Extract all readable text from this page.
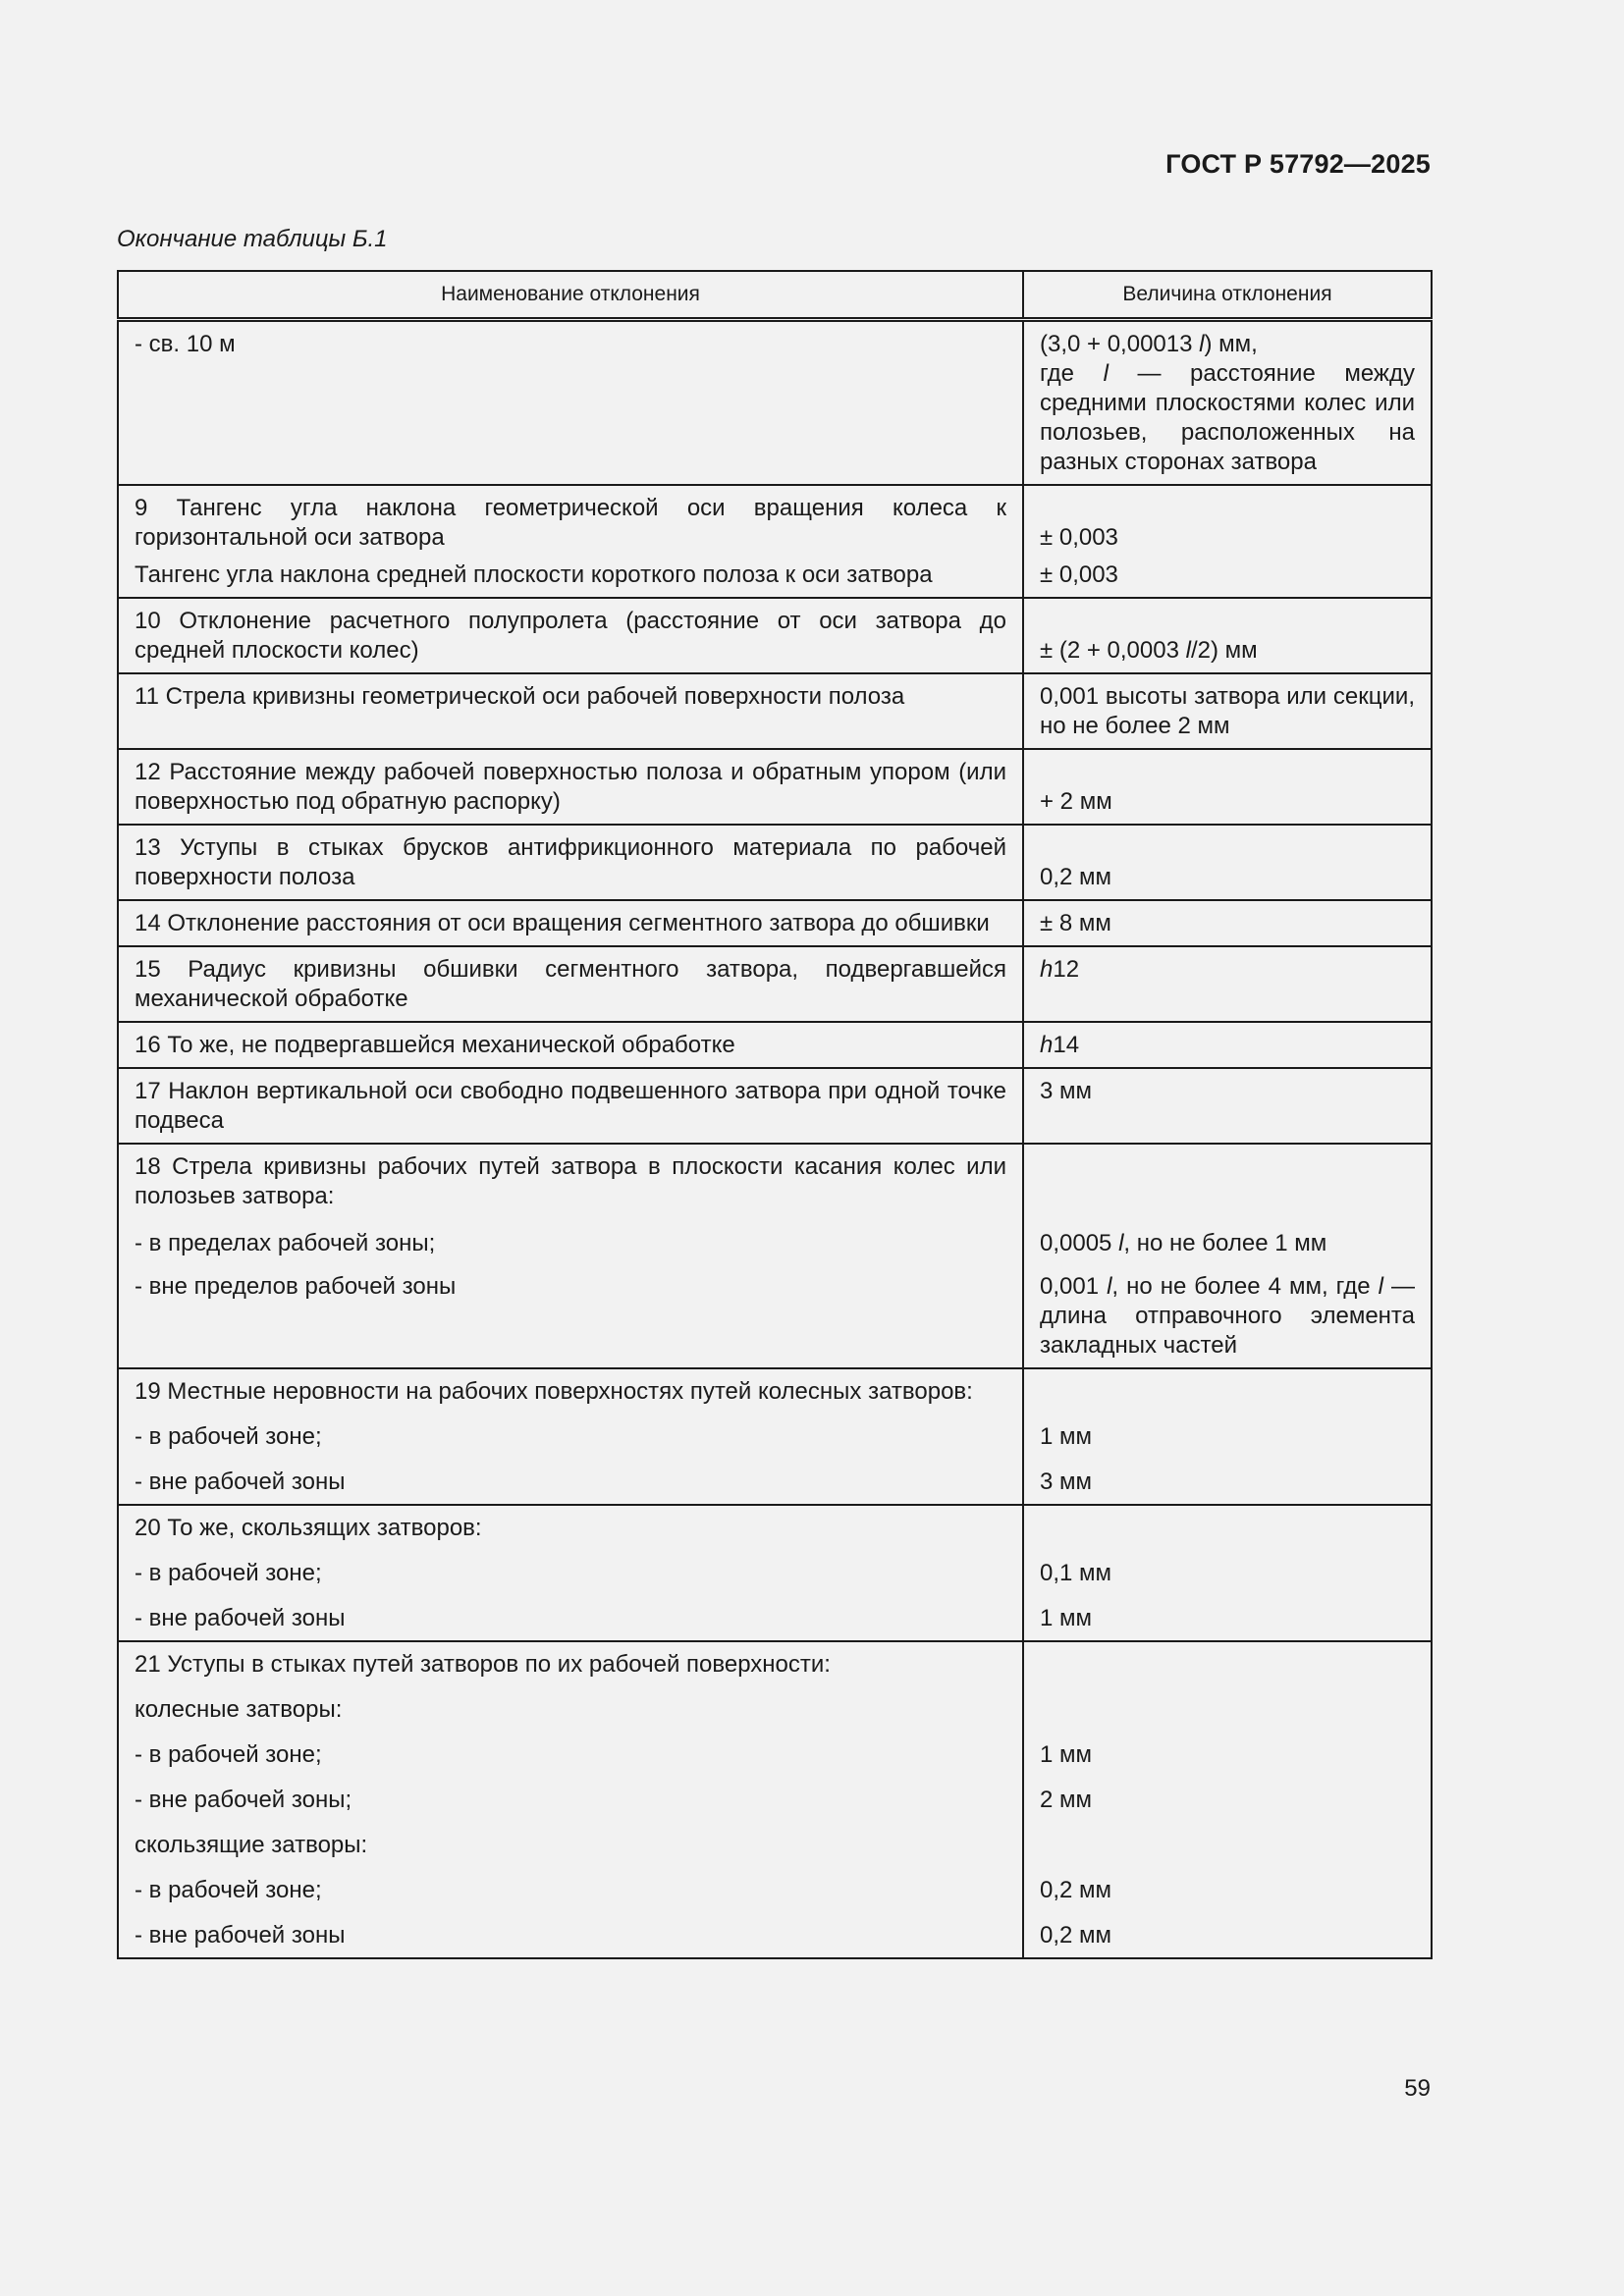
ГОСТ Р 57792—2025
Окончание таблицы Б.1
Наименование отклонения	Величина отклонения

- св. 10 м	(3,0 + 0,00013 l) мм,

где l — расстояние между средними плоскостями колес или полозьев, расположенных на разных сторонах затвора

9 Тангенс угла наклона геометрической оси вращения колеса к горизонтальной оси затвора	± 0,003

Тангенс угла наклона средней плоскости короткого полоза к оси затвора	± 0,003

10 Отклонение расчетного полупролета (расстояние от оси затвора до средней плоскости колес)	± (2 + 0,0003 l/2) мм

11 Стрела кривизны геометрической оси рабочей поверхности полоза	0,001 высоты затвора или секции, но не более 2 мм

12 Расстояние между рабочей поверхностью полоза и обратным упором (или поверхностью под обратную распорку)	+ 2 мм

13 Уступы в стыках брусков антифрикционного материала по рабочей поверхности полоза	0,2 мм

14 Отклонение расстояния от оси вращения сегментного затвора до обшивки	± 8 мм

15 Радиус кривизны обшивки сегментного затвора, подвергавшейся механической обработке	h12

16 То же, не подвергавшейся механической обработке	h14

17 Наклон вертикальной оси свободно подвешенного затвора при одной точке подвеса	3 мм

18 Стрела кривизны рабочих путей затвора в плоскости касания колес или полозьев затвора:	

- в пределах рабочей зоны;	0,0005 l, но не более 1 мм

- вне пределов рабочей зоны	0,001 l, но не более 4 мм, где l — длина отправочного элемента закладных частей

19 Местные неровности на рабочих поверхностях путей колесных затворов:	

- в рабочей зоне;	1 мм

- вне рабочей зоны	3 мм

20 То же, скользящих затворов:	

- в рабочей зоне;	0,1 мм

- вне рабочей зоны	1 мм

21 Уступы в стыках путей затворов по их рабочей поверхности:	

колесные затворы:	

- в рабочей зоне;	1 мм

- вне рабочей зоны;	2 мм

скользящие затворы:	

- в рабочей зоне;	0,2 мм

- вне рабочей зоны	0,2 мм

59
